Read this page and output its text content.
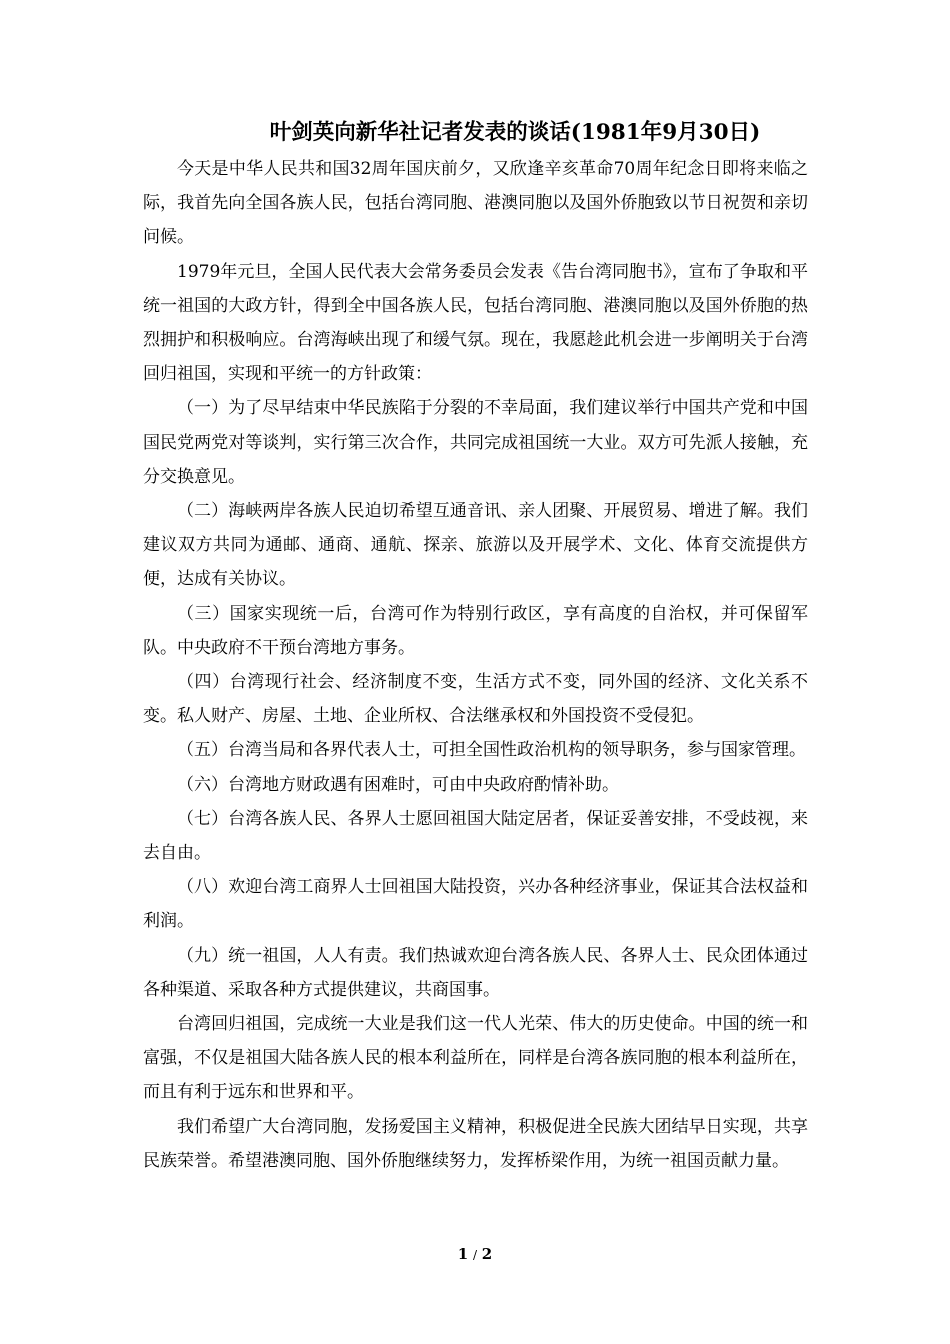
叶剑英向新华社记者发表的谈话(1981年9月30日)

今天是中华人民共和国32周年国庆前夕，又欣逢辛亥革命70周年纪念日即将来临之际，我首先向全国各族人民，包括台湾同胞、港澳同胞以及国外侨胞致以节日祝贺和亲切问候。

1979年元旦，全国人民代表大会常务委员会发表《告台湾同胞书》，宣布了争取和平统一祖国的大政方针，得到全中国各族人民，包括台湾同胞、港澳同胞以及国外侨胞的热烈拥护和积极响应。台湾海峡出现了和缓气氛。现在，我愿趁此机会进一步阐明关于台湾回归祖国，实现和平统一的方针政策：

（一）为了尽早结束中华民族陷于分裂的不幸局面，我们建议举行中国共产党和中国国民党两党对等谈判，实行第三次合作，共同完成祖国统一大业。双方可先派人接触，充分交换意见。

（二）海峡两岸各族人民迫切希望互通音讯、亲人团聚、开展贸易、增进了解。我们建议双方共同为通邮、通商、通航、探亲、旅游以及开展学术、文化、体育交流提供方便，达成有关协议。

（三）国家实现统一后，台湾可作为特别行政区，享有高度的自治权，并可保留军队。中央政府不干预台湾地方事务。

（四）台湾现行社会、经济制度不变，生活方式不变，同外国的经济、文化关系不变。私人财产、房屋、土地、企业所权、合法继承权和外国投资不受侵犯。

（五）台湾当局和各界代表人士，可担全国性政治机构的领导职务，参与国家管理。

（六）台湾地方财政遇有困难时，可由中央政府酌情补助。

（七）台湾各族人民、各界人士愿回祖国大陆定居者，保证妥善安排，不受歧视，来去自由。

（八）欢迎台湾工商界人士回祖国大陆投资，兴办各种经济事业，保证其合法权益和利润。

（九）统一祖国，人人有责。我们热诚欢迎台湾各族人民、各界人士、民众团体通过各种渠道、采取各种方式提供建议，共商国事。

台湾回归祖国，完成统一大业是我们这一代人光荣、伟大的历史使命。中国的统一和富强，不仅是祖国大陆各族人民的根本利益所在，同样是台湾各族同胞的根本利益所在，而且有利于远东和世界和平。

我们希望广大台湾同胞，发扬爱国主义精神，积极促进全民族大团结早日实现，共享民族荣誉。希望港澳同胞、国外侨胞继续努力，发挥桥梁作用，为统一祖国贡献力量。

1 / 2
